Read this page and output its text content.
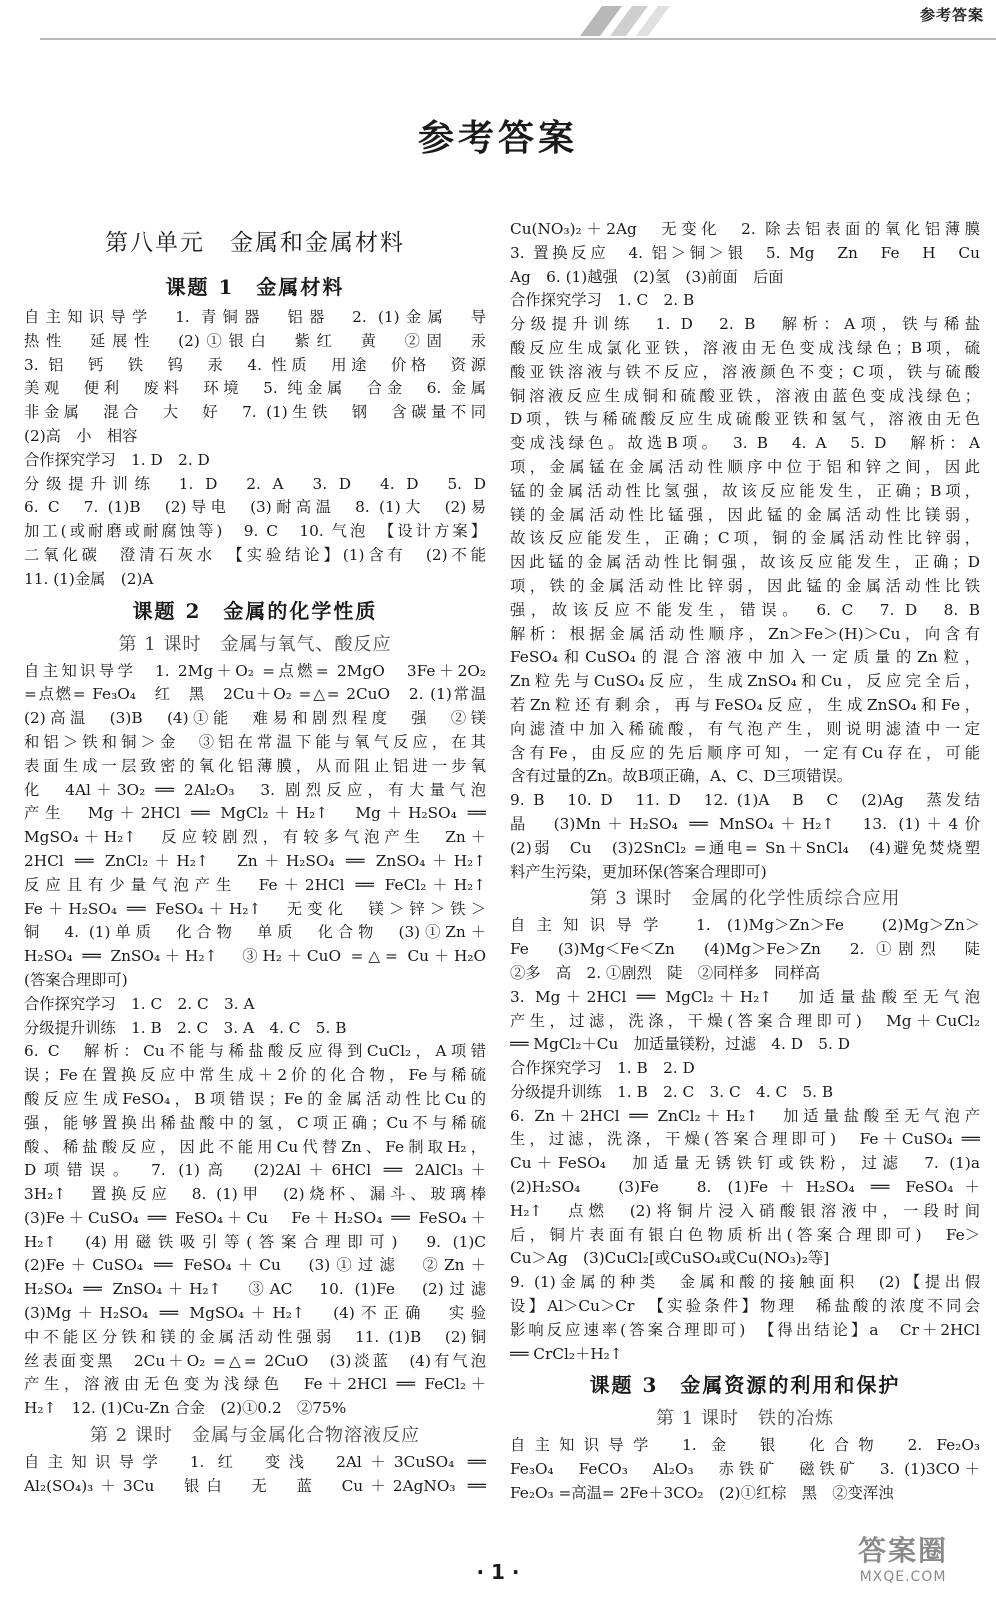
参考答案
参考答案
第八单元　金属和金属材料
课题 1　金属材料
自主知识导学　1. 青铜器　铝器　2. (1)金属　导
热性　延展性　(2)①银白　紫红　黄　②固　汞
3. 铝　钙　铁　钨　汞　4. 性质　用途　价格　资源
美观　便利　废料　环境　5. 纯金属　合金　6. 金属
非金属　混合　大　好　7. (1)生铁　钢　含碳量不同
(2)高　小　相容
合作探究学习　1. D　2. D
分级提升训练　1. D　2. A　3. D　4. D　5. D
6. C　7. (1)B　(2)导电　(3)耐高温　8. (1)大　(2)易
加工(或耐磨或耐腐蚀等)　9. C　10. 气泡　【设计方案】
二氧化碳　澄清石灰水　【实验结论】(1)含有　(2)不能
11. (1)金属　(2)A
课题 2　金属的化学性质
第 1 课时　金属与氧气、酸反应
自主知识导学　1. 2Mg＋O₂ =点燃= 2MgO　3Fe＋2O₂
=点燃= Fe₃O₄　红　黑　2Cu＋O₂ =△= 2CuO　2. (1)常温
(2)高温　(3)B　(4)①能　难易和剧烈程度　强　②镁
和铝＞铁和铜＞金　③铝在常温下能与氧气反应，在其
表面生成一层致密的氧化铝薄膜，从而阻止铝进一步氧
化　4Al＋3O₂ ══ 2Al₂O₃　3. 剧烈反应，有大量气泡
产生　Mg＋2HCl ══ MgCl₂＋H₂↑　Mg＋H₂SO₄ ══
MgSO₄＋H₂↑　反应较剧烈，有较多气泡产生　Zn＋
2HCl ══ ZnCl₂＋H₂↑　Zn＋H₂SO₄ ══ ZnSO₄＋H₂↑
反应且有少量气泡产生　Fe＋2HCl ══ FeCl₂＋H₂↑
Fe＋H₂SO₄ ══ FeSO₄＋H₂↑　无变化　镁＞锌＞铁＞
铜　4. (1)单质　化合物　单质　化合物　(3)①Zn＋
H₂SO₄ ══ ZnSO₄＋H₂↑　③H₂＋CuO =△= Cu＋H₂O
(答案合理即可)
合作探究学习　1. C　2. C　3. A
分级提升训练　1. B　2. C　3. A　4. C　5. B
6. C　解析：Cu不能与稀盐酸反应得到CuCl₂，A项错
误；Fe在置换反应中常生成＋2价的化合物，Fe与稀硫
酸反应生成FeSO₄，B项错误；Fe的金属活动性比Cu的
强，能够置换出稀盐酸中的氢，C项正确；Cu不与稀硫
酸、稀盐酸反应，因此不能用Cu代替Zn、Fe制取H₂，
D项错误。　7. (1)高　(2)2Al＋6HCl ══ 2AlCl₃＋
3H₂↑　置换反应　8. (1)甲　(2)烧杯、漏斗、玻璃棒
(3)Fe＋CuSO₄ ══ FeSO₄＋Cu　Fe＋H₂SO₄ ══ FeSO₄＋
H₂↑　(4)用磁铁吸引等(答案合理即可)　9. (1)C
(2)Fe＋CuSO₄ ══ FeSO₄＋Cu　(3)①过滤　②Zn＋
H₂SO₄ ══ ZnSO₄＋H₂↑　③AC　10. (1)Fe　(2)过滤
(3)Mg＋H₂SO₄ ══ MgSO₄＋H₂↑　(4)不正确　实验
中不能区分铁和镁的金属活动性强弱　11. (1)B　(2)铜
丝表面变黑　2Cu＋O₂ =△= 2CuO　(3)淡蓝　(4)有气泡
产生，溶液由无色变为浅绿色　Fe＋2HCl ══ FeCl₂＋
H₂↑　12. (1)Cu-Zn 合金　(2)①0.2　②75%
第 2 课时　金属与金属化合物溶液反应
自主知识导学　1. 红　变浅　2Al＋3CuSO₄ ══
Al₂(SO₄)₃＋3Cu　银白　无　蓝　Cu＋2AgNO₃ ══
Cu(NO₃)₂＋2Ag　无变化　2. 除去铝表面的氧化铝薄膜
3. 置换反应　4. 铝＞铜＞银　5. Mg　Zn　Fe　H　Cu
Ag　6. (1)越强　(2)氢　(3)前面　后面
合作探究学习　1. C　2. B
分级提升训练　1. D　2. B　解析：A项，铁与稀盐
酸反应生成氯化亚铁，溶液由无色变成浅绿色；B项，硫
酸亚铁溶液与铁不反应，溶液颜色不变；C项，铁与硫酸
铜溶液反应生成铜和硫酸亚铁，溶液由蓝色变成浅绿色；
D项，铁与稀硫酸反应生成硫酸亚铁和氢气，溶液由无色
变成浅绿色。故选B项。　3. B　4. A　5. D　解析：A
项，金属锰在金属活动性顺序中位于铝和锌之间，因此
锰的金属活动性比氢强，故该反应能发生，正确；B项，
镁的金属活动性比锰强，因此锰的金属活动性比镁弱，
故该反应能发生，正确；C项，铜的金属活动性比锌弱，
因此锰的金属活动性比铜强，故该反应能发生，正确；D
项，铁的金属活动性比锌弱，因此锰的金属活动性比铁
强，故该反应不能发生，错误。　6. C　7. D　8. B
解析：根据金属活动性顺序，Zn＞Fe＞(H)＞Cu，向含有
FeSO₄和CuSO₄的混合溶液中加入一定质量的Zn粒，
Zn粒先与CuSO₄反应，生成ZnSO₄和Cu，反应完全后，
若Zn粒还有剩余，再与FeSO₄反应，生成ZnSO₄和Fe，
向滤渣中加入稀硫酸，有气泡产生，则说明滤渣中一定
含有Fe，由反应的先后顺序可知，一定有Cu存在，可能
含有过量的Zn。故B项正确，A、C、D三项错误。
9. B　10. D　11. D　12. (1)A　B　C　(2)Ag　蒸发结
晶　(3)Mn＋H₂SO₄ ══ MnSO₄＋H₂↑　13. (1)＋4价
(2)弱　Cu　(3)2SnCl₂ =通电= Sn＋SnCl₄　(4)避免焚烧塑
料产生污染，更加环保(答案合理即可)
第 3 课时　金属的化学性质综合应用
自主知识导学　1. (1)Mg＞Zn＞Fe　(2)Mg＞Zn＞
Fe　(3)Mg＜Fe＜Zn　(4)Mg＞Fe＞Zn　2. ①剧烈　陡
②多　高　2. ①剧烈　陡　②同样多　同样高
3. Mg＋2HCl ══ MgCl₂＋H₂↑　加适量盐酸至无气泡
产生，过滤，洗涤，干燥(答案合理即可)　Mg＋CuCl₂
══ MgCl₂＋Cu　加适量镁粉，过滤　4. D　5. D
合作探究学习　1. B　2. D
分级提升训练　1. B　2. C　3. C　4. C　5. B
6. Zn＋2HCl ══ ZnCl₂＋H₂↑　加适量盐酸至无气泡产
生，过滤，洗涤，干燥(答案合理即可)　Fe＋CuSO₄ ══
Cu＋FeSO₄　加适量无锈铁钉或铁粉，过滤　7. (1)a
(2)H₂SO₄　(3)Fe　8. (1)Fe＋H₂SO₄ ══ FeSO₄＋
H₂↑　点燃　(2)将铜片浸入硝酸银溶液中，一段时间
后，铜片表面有银白色物质析出(答案合理即可)　Fe＞
Cu＞Ag　(3)CuCl₂[或CuSO₄或Cu(NO₃)₂等]
9. (1)金属的种类　金属和酸的接触面积　(2)【提出假
设】Al＞Cu＞Cr　【实验条件】物理　稀盐酸的浓度不同会
影响反应速率(答案合理即可)　【得出结论】a　Cr＋2HCl
══ CrCl₂＋H₂↑
课题 3　金属资源的利用和保护
第 1 课时　铁的冶炼
自主知识导学　1. 金　银　化合物　2. Fe₂O₃
Fe₃O₄　FeCO₃　Al₂O₃　赤铁矿　磁铁矿　3. (1)3CO＋
Fe₂O₃ =高温= 2Fe＋3CO₂　(2)①红棕　黑　②变浑浊
· 1 ·
答案圈
MXQE.COM
